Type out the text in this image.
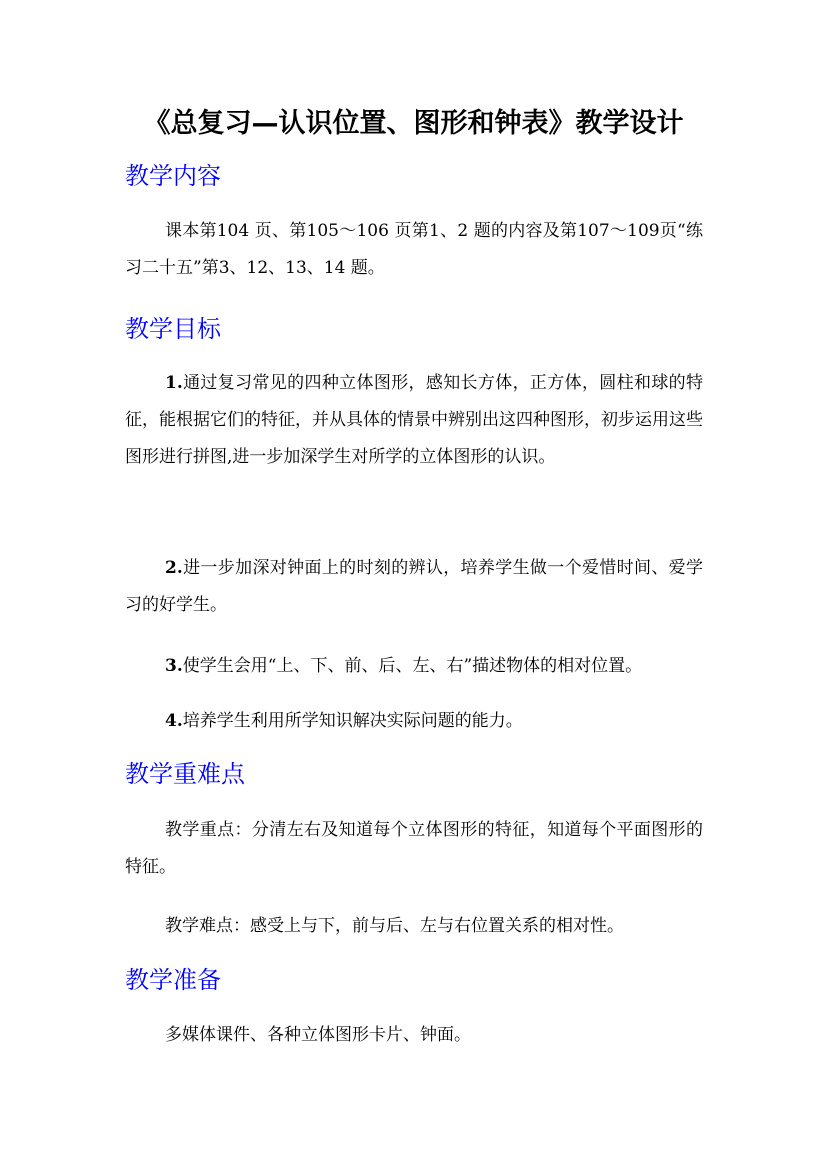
《总复习—认识位置、图形和钟表》教学设计
教学内容
课本第104 页、第105～106 页第1、2 题的内容及第107～109页“练习二十五”第3、12、13、14 题。
教学目标
1.通过复习常见的四种立体图形，感知长方体，正方体，圆柱和球的特征，能根据它们的特征，并从具体的情景中辨别出这四种图形，初步运用这些图形进行拼图,进一步加深学生对所学的立体图形的认识。
2.进一步加深对钟面上的时刻的辨认，培养学生做一个爱惜时间、爱学习的好学生。
3.使学生会用“上、下、前、后、左、右”描述物体的相对位置。
4.培养学生利用所学知识解决实际问题的能力。
教学重难点
教学重点：分清左右及知道每个立体图形的特征，知道每个平面图形的特征。
教学难点：感受上与下，前与后、左与右位置关系的相对性。
教学准备
多媒体课件、各种立体图形卡片、钟面。
